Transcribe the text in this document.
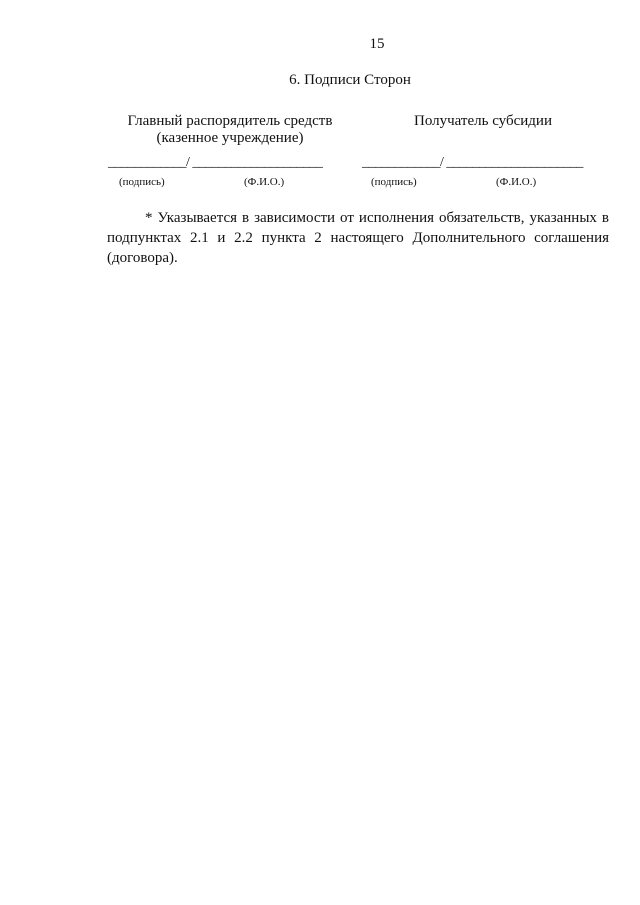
15
6. Подписи Сторон
Главный распорядитель средств
(казенное учреждение)
Получатель субсидии
____________/ ____________________	____________/ _____________________
(подпись)	(Ф.И.О.)	(подпись)	(Ф.И.О.)
* Указывается в зависимости от исполнения обязательств, указанных в подпунктах 2.1 и 2.2 пункта 2 настоящего Дополнительного соглашения (договора).
